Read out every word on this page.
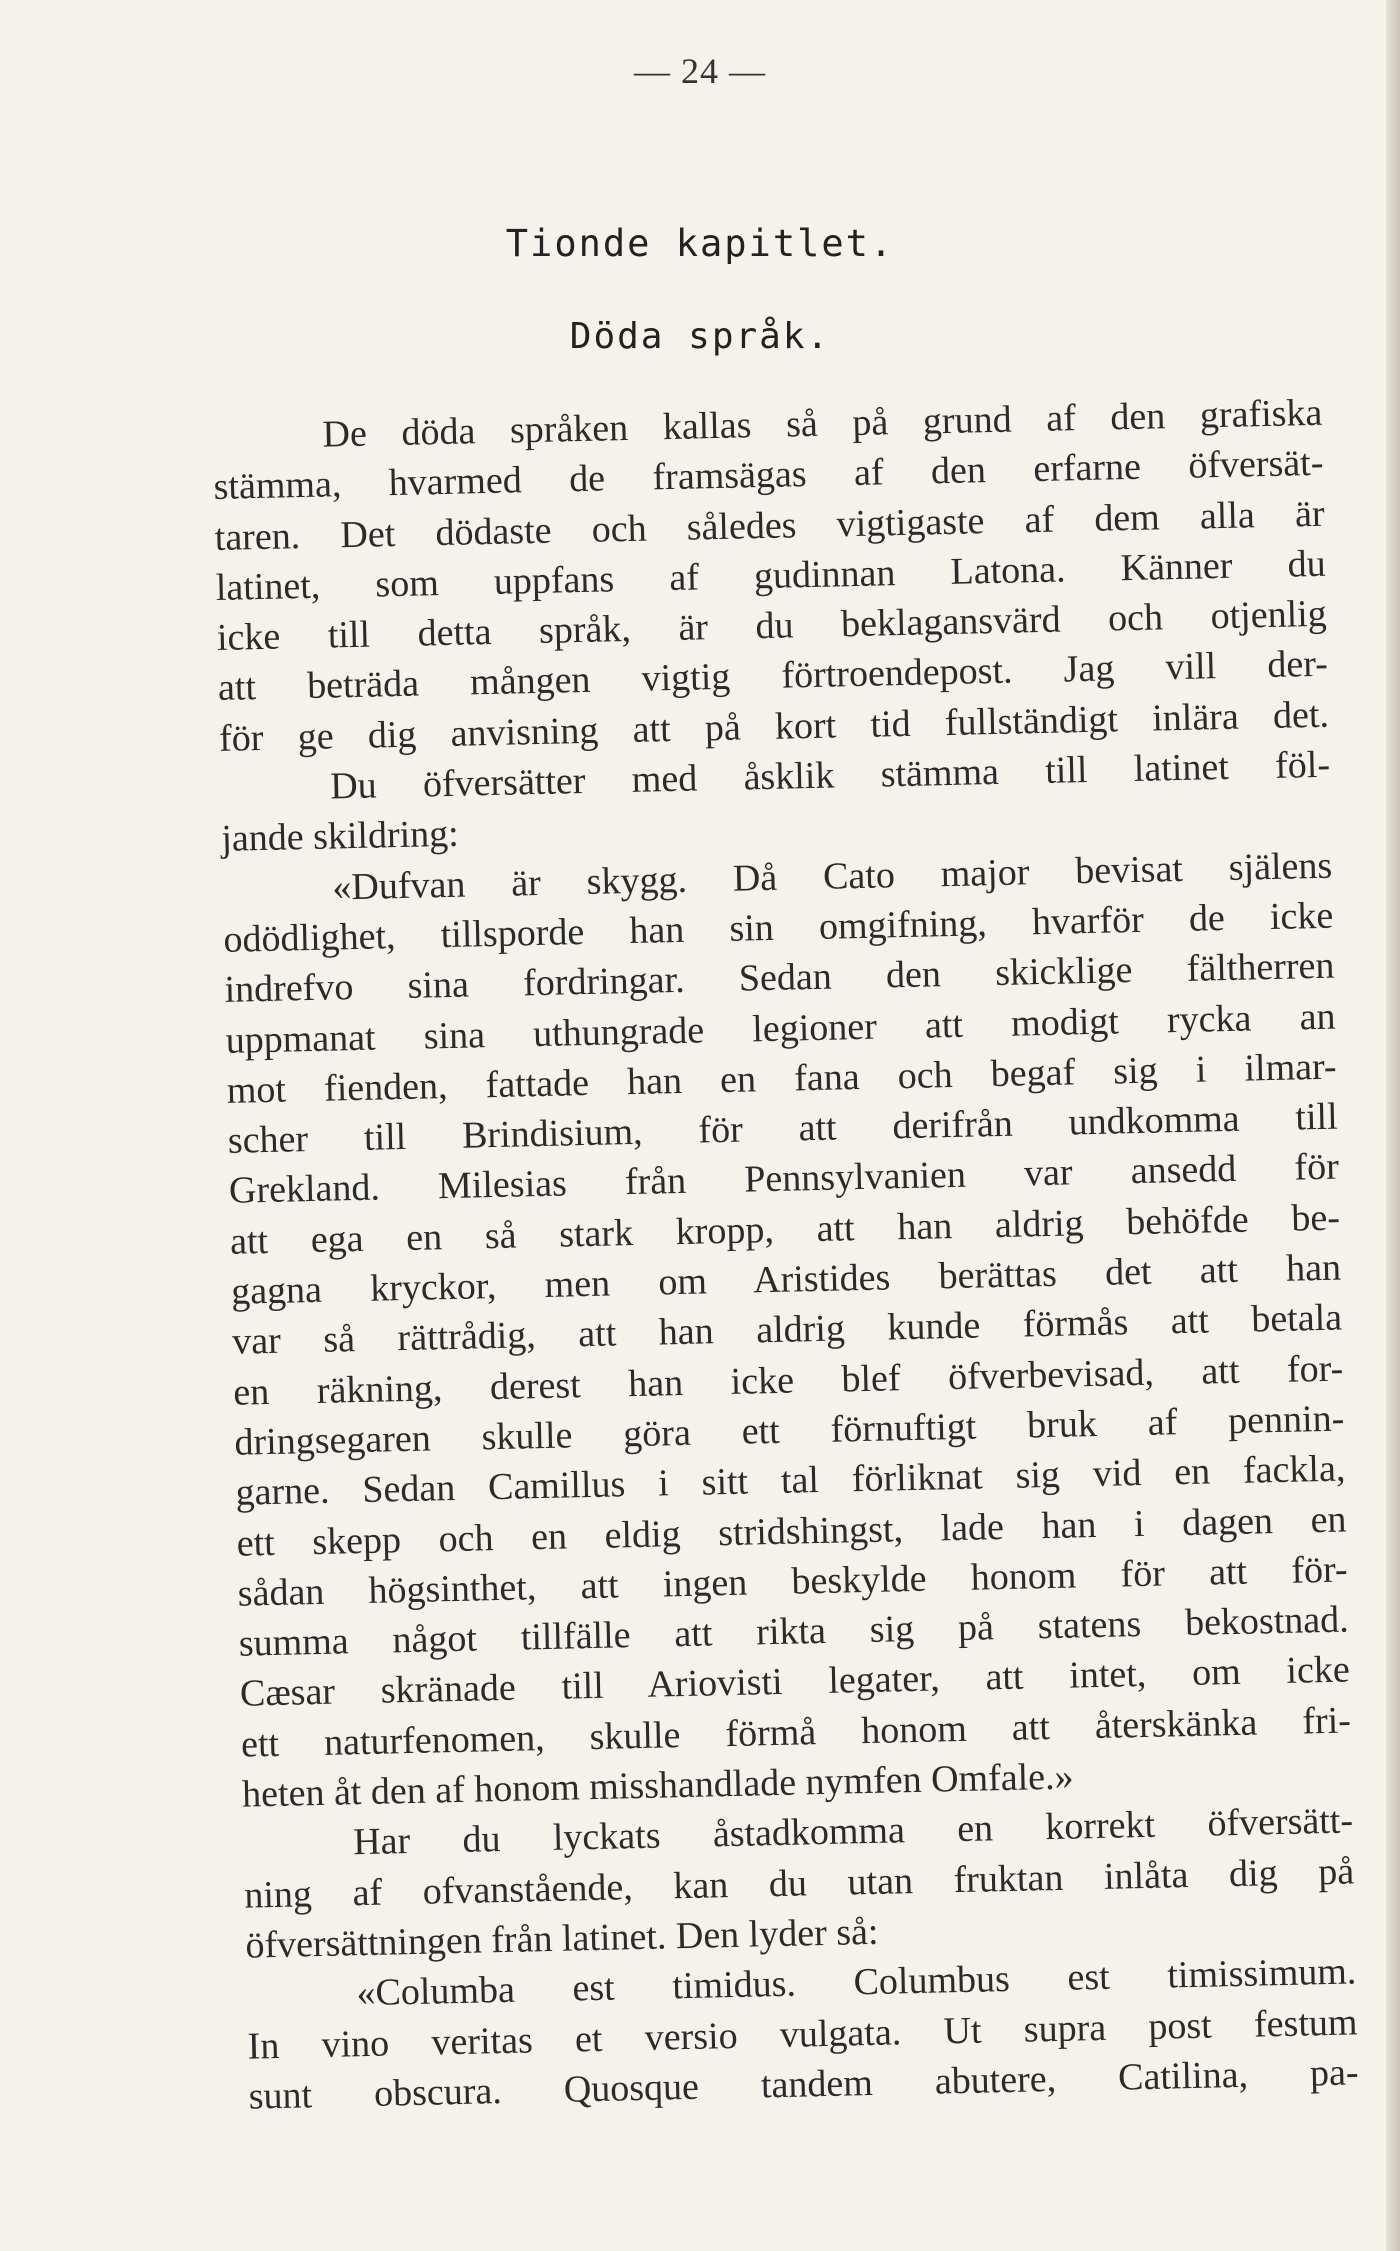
— 24 —
Tionde kapitlet.
Döda språk.
De döda språken kallas så på grund af den grafiska
stämma, hvarmed de framsägas af den erfarne öfversät-
taren. Det dödaste och således vigtigaste af dem alla är
latinet, som uppfans af gudinnan Latona. Känner du
icke till detta språk, är du beklagansvärd och otjenlig
att beträda mången vigtig förtroendepost. Jag vill der-
för ge dig anvisning att på kort tid fullständigt inlära det.
Du öfversätter med åsklik stämma till latinet föl-
jande skildring:
«Dufvan är skygg. Då Cato major bevisat själens
odödlighet, tillsporde han sin omgifning, hvarför de icke
indrefvo sina fordringar. Sedan den skicklige fältherren
uppmanat sina uthungrade legioner att modigt rycka an
mot fienden, fattade han en fana och begaf sig i ilmar-
scher till Brindisium, för att derifrån undkomma till
Grekland. Milesias från Pennsylvanien var ansedd för
att ega en så stark kropp, att han aldrig behöfde be-
gagna kryckor, men om Aristides berättas det att han
var så rättrådig, att han aldrig kunde förmås att betala
en räkning, derest han icke blef öfverbevisad, att for-
dringsegaren skulle göra ett förnuftigt bruk af pennin-
garne. Sedan Camillus i sitt tal förliknat sig vid en fackla,
ett skepp och en eldig stridshingst, lade han i dagen en
sådan högsinthet, att ingen beskylde honom för att för-
summa något tillfälle att rikta sig på statens bekostnad.
Cæsar skränade till Ariovisti legater, att intet, om icke
ett naturfenomen, skulle förmå honom att återskänka fri-
heten åt den af honom misshandlade nymfen Omfale.»
Har du lyckats åstadkomma en korrekt öfversätt-
ning af ofvanstående, kan du utan fruktan inlåta dig på
öfversättningen från latinet. Den lyder så:
«Columba est timidus. Columbus est timissimum.
In vino veritas et versio vulgata. Ut supra post festum
sunt obscura. Quosque tandem abutere, Catilina, pa-
